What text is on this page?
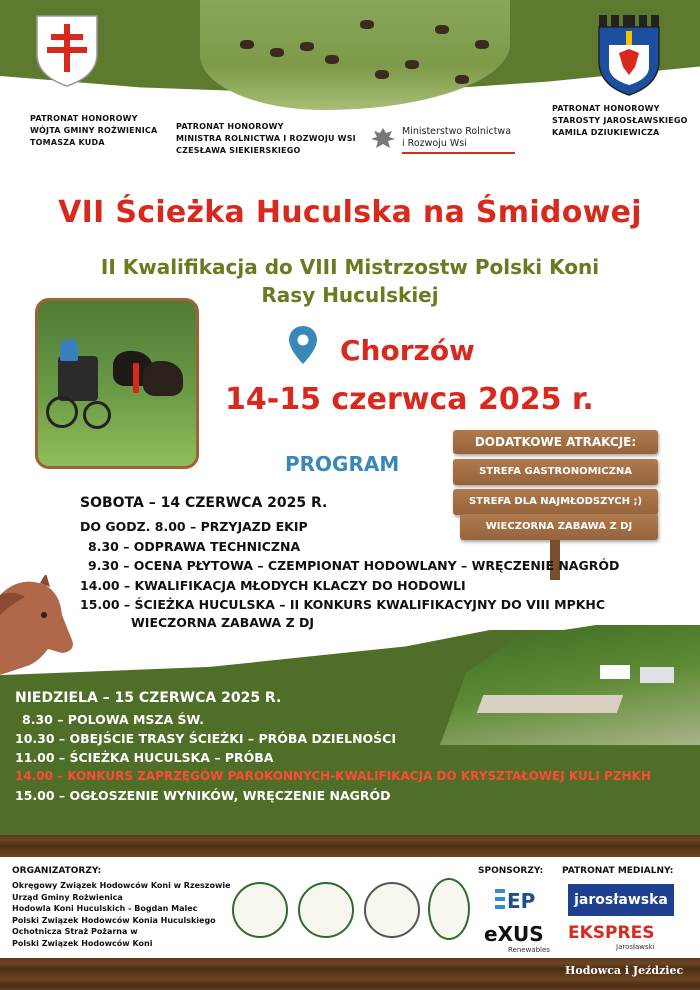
PATRONAT HONOROWY
WÓJTA GMINY ROŻWIENICA
TOMASZA KUDA
PATRONAT HONOROWY
MINISTRA ROLNICTWA I ROZWOJU WSI
CZESŁAWA SIEKIERSKIEGO
PATRONAT HONOROWY
STAROSTY JAROSŁAWSKIEGO
KAMILA DZIUKIEWICZA
Ministerstwo Rolnictwa
i Rozwoju Wsi
VII Ścieżka Huculska na Śmidowej
II Kwalifikacja do VIII Mistrzostw Polski Koni
Rasy Huculskiej
Chorzów
14-15 czerwca 2025 r.
DODATKOWE ATRAKCJE:
STREFA GASTRONOMICZNA
STREFA DLA NAJMŁODSZYCH ;)
WIECZORNA ZABAWA Z DJ
PROGRAM
SOBOTA – 14 CZERWCA 2025 R.
DO GODZ. 8.00 – PRZYJAZD EKIP
8.30 – ODPRAWA TECHNICZNA
9.30 – OCENA PŁYTOWA – CZEMPIONAT HODOWLANY – WRĘCZENIE NAGRÓD
14.00 – KWALIFIKACJA MŁODYCH KLACZY DO HODOWLI
15.00 – ŚCIEŻKA HUCULSKA – II KONKURS KWALIFIKACYJNY DO VIII MPKHC
WIECZORNA ZABAWA Z DJ
NIEDZIELA – 15 CZERWCA 2025 R.
8.30 – POLOWA MSZA ŚW.
10.30 – OBEJŚCIE TRASY ŚCIEŻKI – PRÓBA DZIELNOŚCI
11.00 – ŚCIEŻKA HUCULSKA – PRÓBA
14.00 – KONKURS ZAPRZĘGÓW PAROKONNYCH-KWALIFIKACJA DO KRYSZTAŁOWEJ KULI PZHKH
15.00 – OGŁOSZENIE WYNIKÓW, WRĘCZENIE NAGRÓD
ORGANIZATORZY:
Okręgowy Związek Hodowców Koni w Rzeszowie
Urząd Gminy Rożwienica
Hodowla Koni Huculskich - Bogdan Malec
Polski Związek Hodowców Konia Huculskiego
Ochotnicza Straż Pożarna w
Polski Związek Hodowców Koni
SPONSORZY:
EP
eXUS
Renewables
PATRONAT MEDIALNY:
jarosławska
EKSPRES
Jarosławski
Hodowca i Jeździec
